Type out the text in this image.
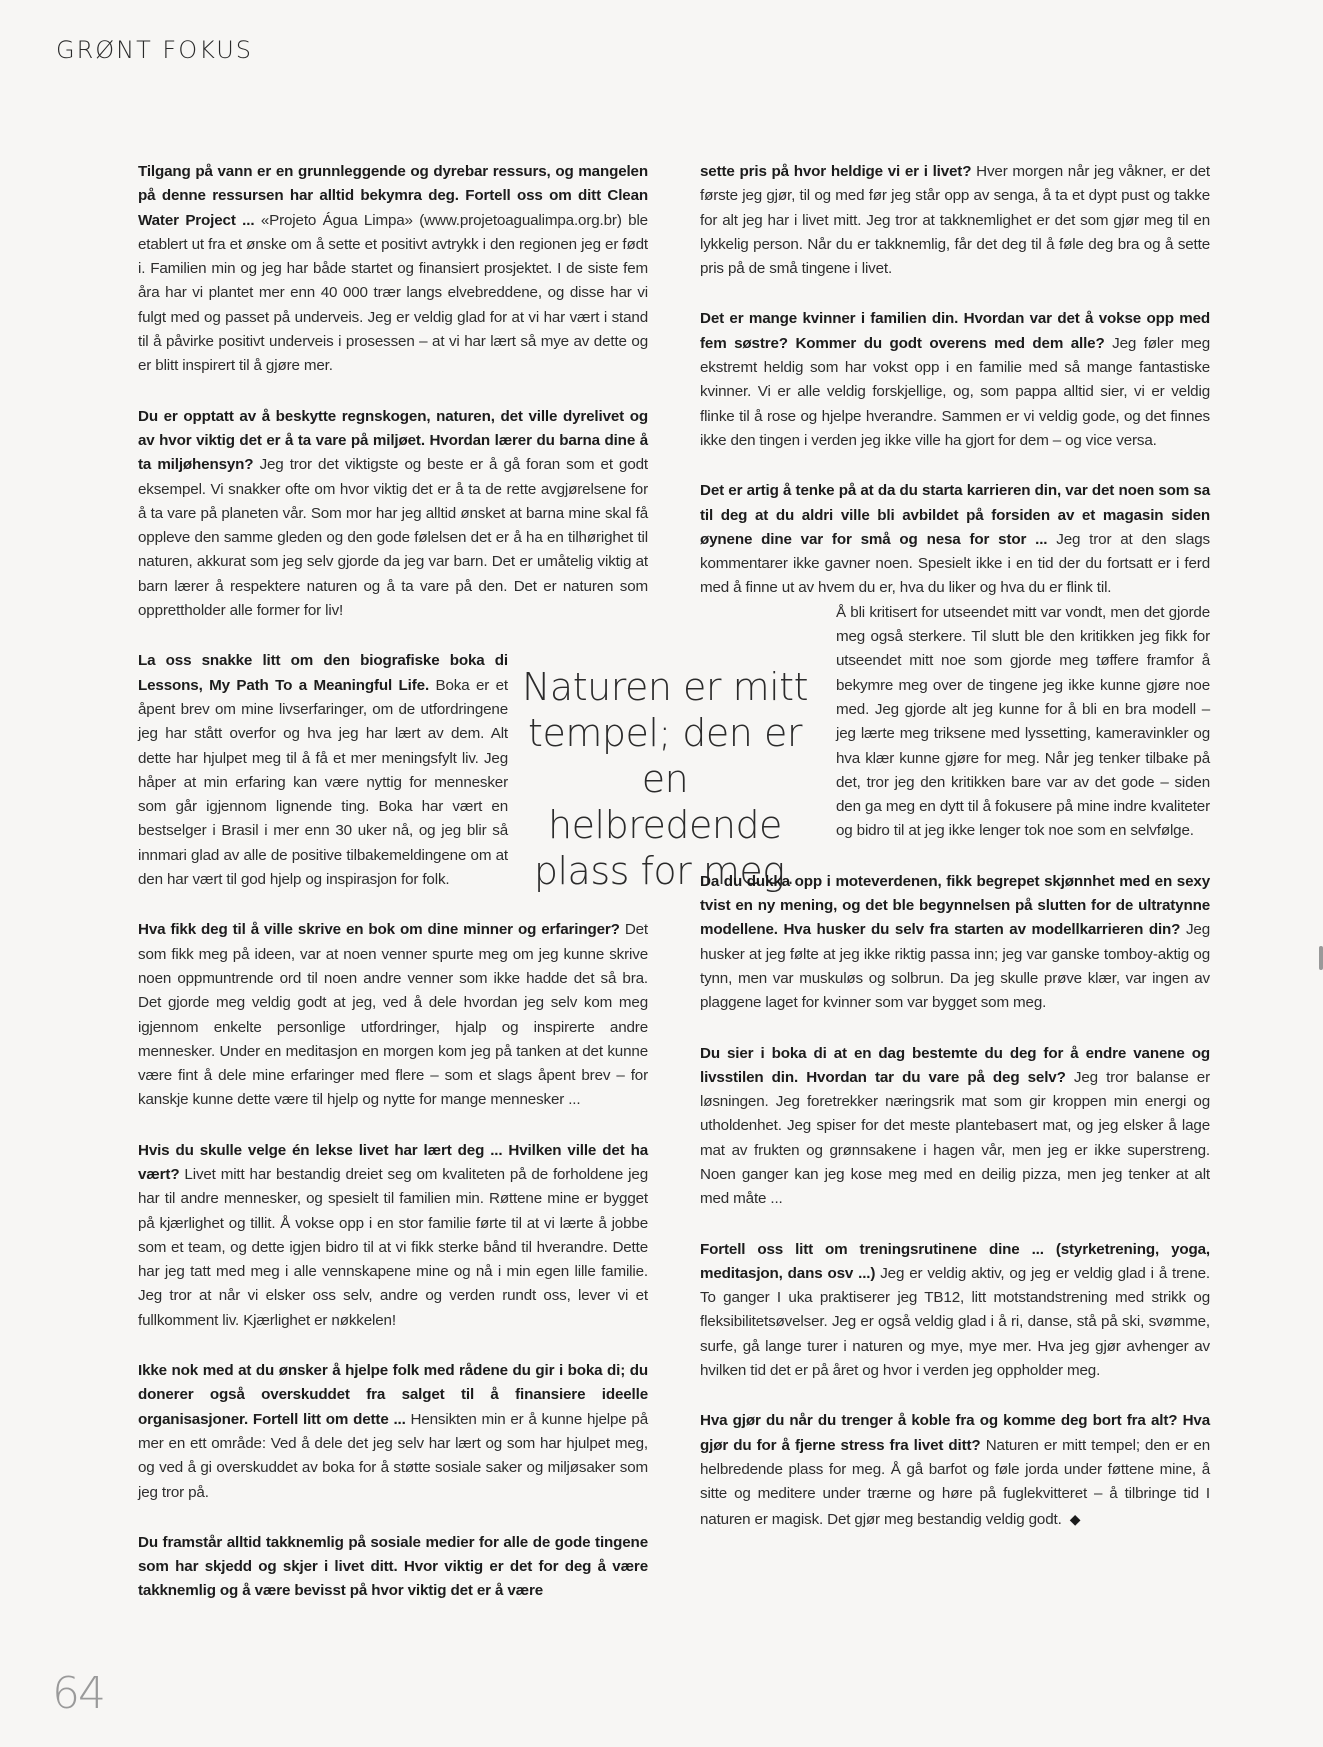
GRØNT FOKUS

Tilgang på vann er en grunnleggende og dyrebar ressurs, og mangelen på denne ressursen har alltid bekymra deg. Fortell oss om ditt Clean Water Project ... «Projeto Água Limpa» (www.projetoagualimpa.org.br) ble etablert ut fra et ønske om å sette et positivt avtrykk i den regionen jeg er født i. Familien min og jeg har både startet og finansiert prosjektet. I de siste fem åra har vi plantet mer enn 40 000 trær langs elvebreddene, og disse har vi fulgt med og passet på underveis. Jeg er veldig glad for at vi har vært i stand til å påvirke positivt underveis i prosessen – at vi har lært så mye av dette og er blitt inspirert til å gjøre mer.

Du er opptatt av å beskytte regnskogen, naturen, det ville dyrelivet og av hvor viktig det er å ta vare på miljøet. Hvordan lærer du barna dine å ta miljøhensyn? Jeg tror det viktigste og beste er å gå foran som et godt eksempel. Vi snakker ofte om hvor viktig det er å ta de rette avgjørelsene for å ta vare på planeten vår. Som mor har jeg alltid ønsket at barna mine skal få oppleve den samme gleden og den gode følelsen det er å ha en tilhørighet til naturen, akkurat som jeg selv gjorde da jeg var barn. Det er umåtelig viktig at barn lærer å respektere naturen og å ta vare på den. Det er naturen som opprettholder alle former for liv!

La oss snakke litt om den biografiske boka di Lessons, My Path To a Meaningful Life. Boka er et åpent brev om mine livserfaringer, om de utfordringene jeg har stått overfor og hva jeg har lært av dem. Alt dette har hjulpet meg til å få et mer meningsfylt liv. Jeg håper at min erfaring kan være nyttig for mennesker som går igjennom lignende ting. Boka har vært en bestselger i Brasil i mer enn 30 uker nå, og jeg blir så innmari glad av alle de positive tilbakemeldingene om at den har vært til god hjelp og inspirasjon for folk.

Hva fikk deg til å ville skrive en bok om dine minner og erfaringer? Det som fikk meg på ideen, var at noen venner spurte meg om jeg kunne skrive noen oppmuntrende ord til noen andre venner som ikke hadde det så bra. Det gjorde meg veldig godt at jeg, ved å dele hvordan jeg selv kom meg igjennom enkelte personlige utfordringer, hjalp og inspirerte andre mennesker. Under en meditasjon en morgen kom jeg på tanken at det kunne være fint å dele mine erfaringer med flere – som et slags åpent brev – for kanskje kunne dette være til hjelp og nytte for mange mennesker ...

Hvis du skulle velge én lekse livet har lært deg ... Hvilken ville det ha vært? Livet mitt har bestandig dreiet seg om kvaliteten på de forholdene jeg har til andre mennesker, og spesielt til familien min. Røttene mine er bygget på kjærlighet og tillit. Å vokse opp i en stor familie førte til at vi lærte å jobbe som et team, og dette igjen bidro til at vi fikk sterke bånd til hverandre. Dette har jeg tatt med meg i alle vennskapene mine og nå i min egen lille familie. Jeg tror at når vi elsker oss selv, andre og verden rundt oss, lever vi et fullkomment liv. Kjærlighet er nøkkelen!

Ikke nok med at du ønsker å hjelpe folk med rådene du gir i boka di; du donerer også overskuddet fra salget til å finansiere ideelle organisasjoner. Fortell litt om dette ... Hensikten min er å kunne hjelpe på mer en ett område: Ved å dele det jeg selv har lært og som har hjulpet meg, og ved å gi overskuddet av boka for å støtte sosiale saker og miljøsaker som jeg tror på.

Du framstår alltid takknemlig på sosiale medier for alle de gode tingene som har skjedd og skjer i livet ditt. Hvor viktig er det for deg å være takknemlig og å være bevisst på hvor viktig det er å være

Naturen er mitt tempel; den er en helbredende plass for meg.

sette pris på hvor heldige vi er i livet? Hver morgen når jeg våkner, er det første jeg gjør, til og med før jeg står opp av senga, å ta et dypt pust og takke for alt jeg har i livet mitt. Jeg tror at takknemlighet er det som gjør meg til en lykkelig person. Når du er takknemlig, får det deg til å føle deg bra og å sette pris på de små tingene i livet.

Det er mange kvinner i familien din. Hvordan var det å vokse opp med fem søstre? Kommer du godt overens med dem alle? Jeg føler meg ekstremt heldig som har vokst opp i en familie med så mange fantastiske kvinner. Vi er alle veldig forskjellige, og, som pappa alltid sier, vi er veldig flinke til å rose og hjelpe hverandre. Sammen er vi veldig gode, og det finnes ikke den tingen i verden jeg ikke ville ha gjort for dem – og vice versa.

Det er artig å tenke på at da du starta karrieren din, var det noen som sa til deg at du aldri ville bli avbildet på forsiden av et magasin siden øynene dine var for små og nesa for stor ... Jeg tror at den slags kommentarer ikke gavner noen. Spesielt ikke i en tid der du fortsatt er i ferd med å finne ut av hvem du er, hva du liker og hva du er flink til.

Å bli kritisert for utseendet mitt var vondt, men det gjorde meg også sterkere. Til slutt ble den kritikken jeg fikk for utseendet mitt noe som gjorde meg tøffere framfor å bekymre meg over de tingene jeg ikke kunne gjøre noe med. Jeg gjorde alt jeg kunne for å bli en bra modell – jeg lærte meg triksene med lyssetting, kameravinkler og hva klær kunne gjøre for meg. Når jeg tenker tilbake på det, tror jeg den kritikken bare var av det gode – siden den ga meg en dytt til å fokusere på mine indre kvaliteter og bidro til at jeg ikke lenger tok noe som en selvfølge.

Da du dukka opp i moteverdenen, fikk begrepet skjønnhet med en sexy tvist en ny mening, og det ble begynnelsen på slutten for de ultratynne modellene. Hva husker du selv fra starten av modellkarrieren din? Jeg husker at jeg følte at jeg ikke riktig passa inn; jeg var ganske tomboy-aktig og tynn, men var muskuløs og solbrun. Da jeg skulle prøve klær, var ingen av plaggene laget for kvinner som var bygget som meg.

Du sier i boka di at en dag bestemte du deg for å endre vanene og livsstilen din. Hvordan tar du vare på deg selv? Jeg tror balanse er løsningen. Jeg foretrekker næringsrik mat som gir kroppen min energi og utholdenhet. Jeg spiser for det meste plantebasert mat, og jeg elsker å lage mat av frukten og grønnsakene i hagen vår, men jeg er ikke superstreng. Noen ganger kan jeg kose meg med en deilig pizza, men jeg tenker at alt med måte ...

Fortell oss litt om treningsrutinene dine ... (styrketrening, yoga, meditasjon, dans osv ...) Jeg er veldig aktiv, og jeg er veldig glad i å trene. To ganger I uka praktiserer jeg TB12, litt motstandstrening med strikk og fleksibilitetsøvelser. Jeg er også veldig glad i å ri, danse, stå på ski, svømme, surfe, gå lange turer i naturen og mye, mye mer. Hva jeg gjør avhenger av hvilken tid det er på året og hvor i verden jeg oppholder meg.

Hva gjør du når du trenger å koble fra og komme deg bort fra alt? Hva gjør du for å fjerne stress fra livet ditt? Naturen er mitt tempel; den er en helbredende plass for meg. Å gå barfot og føle jorda under føttene mine, å sitte og meditere under trærne og høre på fuglekvitteret – å tilbringe tid I naturen er magisk. Det gjør meg bestandig veldig godt. ◆

64
